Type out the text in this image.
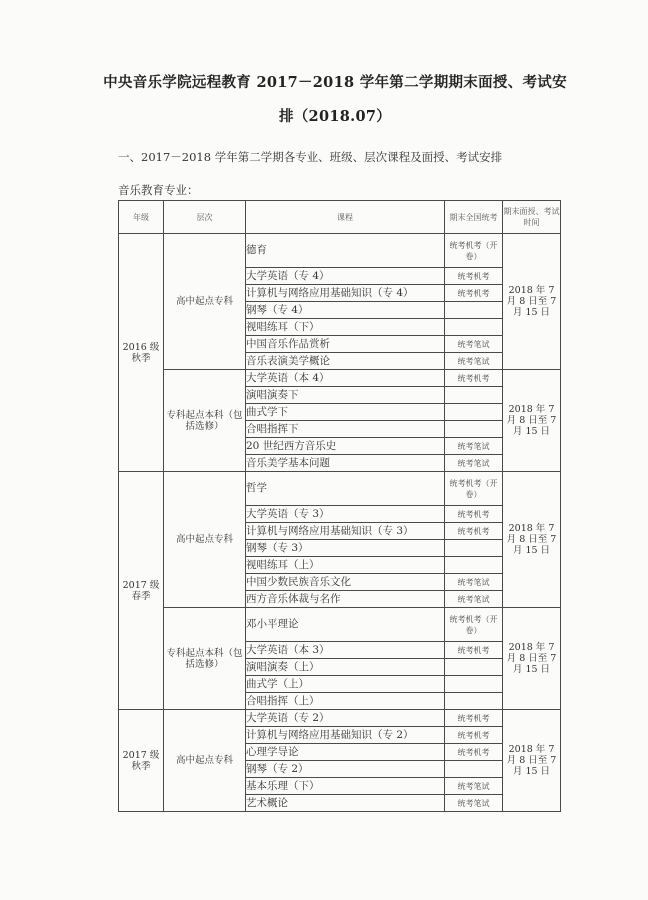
中央音乐学院远程教育 2017－2018 学年第二学期期末面授、考试安
排（2018.07）
一、2017－2018 学年第二学期各专业、班级、层次课程及面授、考试安排
音乐教育专业：
年级	层次	课程	期末全国统考	期末面授、考试时间
2016 级秋季	高中起点专科	德育	统考机考（开卷）	2018 年 7 月 8 日至 7 月 15 日
		大学英语（专 4）	统考机考	
		计算机与网络应用基础知识（专 4）	统考机考	
		钢琴（专 4）		
		视唱练耳（下）		
		中国音乐作品赏析	统考笔试	
		音乐表演美学概论	统考笔试	
	专科起点本科（包括选修）	大学英语（本 4）	统考机考	2018 年 7 月 8 日至 7 月 15 日
		演唱演奏下		
		曲式学下		
		合唱指挥下		
		20 世纪西方音乐史	统考笔试	
		音乐美学基本问题	统考笔试	
2017 级春季	高中起点专科	哲学	统考机考（开卷）	2018 年 7 月 8 日至 7 月 15 日
		大学英语（专 3）	统考机考	
		计算机与网络应用基础知识（专 3）	统考机考	
		钢琴（专 3）		
		视唱练耳（上）		
		中国少数民族音乐文化	统考笔试	
		西方音乐体裁与名作	统考笔试	
	专科起点本科（包括选修）	邓小平理论	统考机考（开卷）	2018 年 7 月 8 日至 7 月 15 日
		大学英语（本 3）	统考机考	
		演唱演奏（上）		
		曲式学（上）		
		合唱指挥（上）		
2017 级秋季	高中起点专科	大学英语（专 2）	统考机考	2018 年 7 月 8 日至 7 月 15 日
		计算机与网络应用基础知识（专 2）	统考机考	
		心理学导论	统考机考	
		钢琴（专 2）		
		基本乐理（下）	统考笔试	
		艺术概论	统考笔试	
